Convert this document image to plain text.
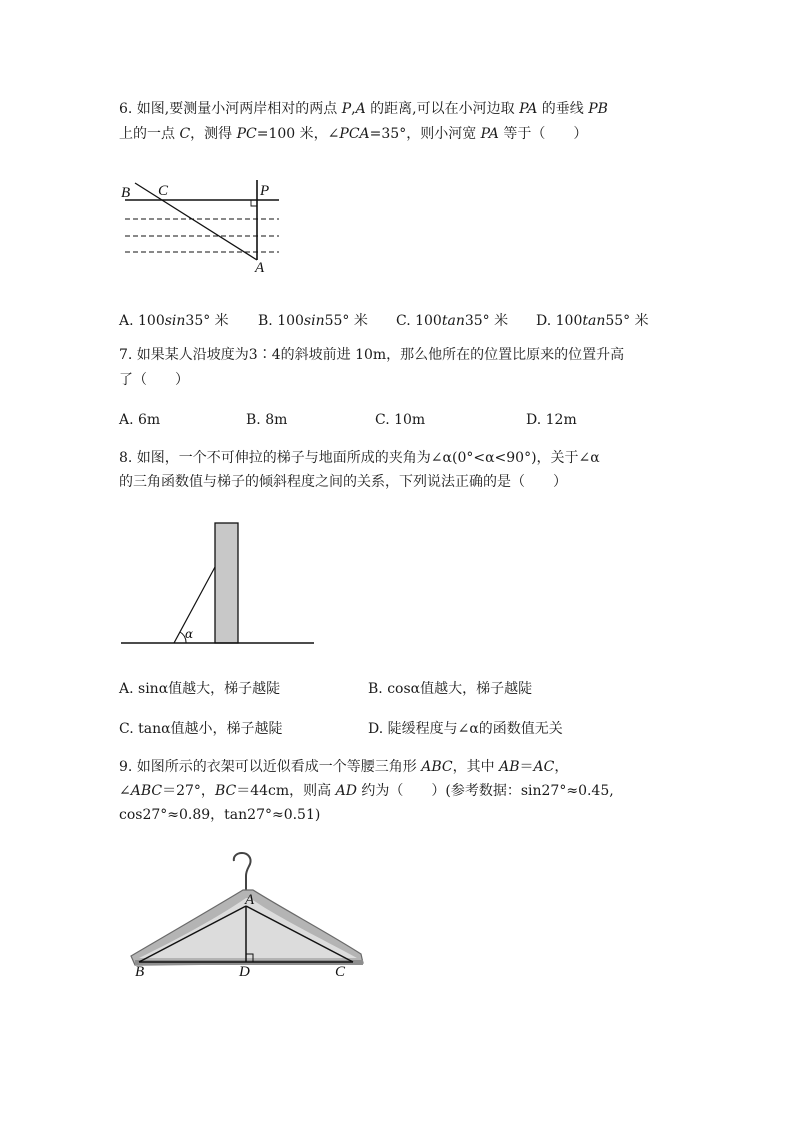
6. 如图,要测量小河两岸相对的两点 P,A 的距离,可以在小河边取 PA 的垂线 PB
上的一点 C，测得 PC=100 米，∠PCA=35°，则小河宽 PA 等于（　　）
B C	P
A
A. 100sin35° 米 B. 100sin55° 米 C. 100tan35° 米 D. 100tan55° 米
7. 如果某人沿坡度为3∶4的斜坡前进 10m，那么他所在的位置比原来的位置升高
了（　　）
A. 6m	B. 8m	C. 10m	D. 12m
8. 如图，一个不可伸拉的梯子与地面所成的夹角为∠α(0°<α<90°)，关于∠α
的三角函数值与梯子的倾斜程度之间的关系，下列说法正确的是（　　）
α
A. sinα值越大，梯子越陡	B. cosα值越大，梯子越陡
C. tanα值越小，梯子越陡	D. 陡缓程度与∠α的函数值无关
9. 如图所示的衣架可以近似看成一个等腰三角形 ABC，其中 AB＝AC，
∠ABC＝27°，BC＝44cm，则高 AD 约为（　　）(参考数据：sin27°≈0.45,
cos27°≈0.89，tan27°≈0.51)
A
B	D	C
